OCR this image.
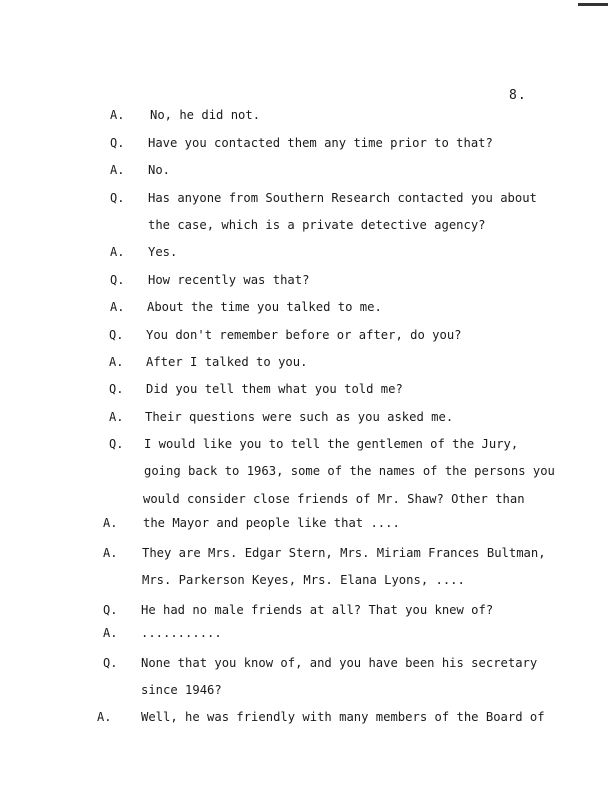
8.
A. No, he did not.
Q. Have you contacted them any time prior to that?
A. No.
Q. Has anyone from Southern Research contacted you about
the case, which is a private detective agency?
A. Yes.
Q. How recently was that?
A. About the time you talked to me.
Q. You don't remember before or after, do you?
A. After I talked to you.
Q. Did you tell them what you told me?
A. Their questions were such as you asked me.
Q. I would like you to tell the gentlemen of the Jury,
going back to 1963, some of the names of the persons you
would consider close friends of Mr. Shaw? Other than
A. the Mayor and people like that ....
A. They are Mrs. Edgar Stern, Mrs. Miriam Frances Bultman,
Mrs. Parkerson Keyes, Mrs. Elana Lyons, ....
Q. He had no male friends at all? That you knew of?
A. ...........
Q. None that you know of, and you have been his secretary
since 1946?
A. Well, he was friendly with many members of the Board of
